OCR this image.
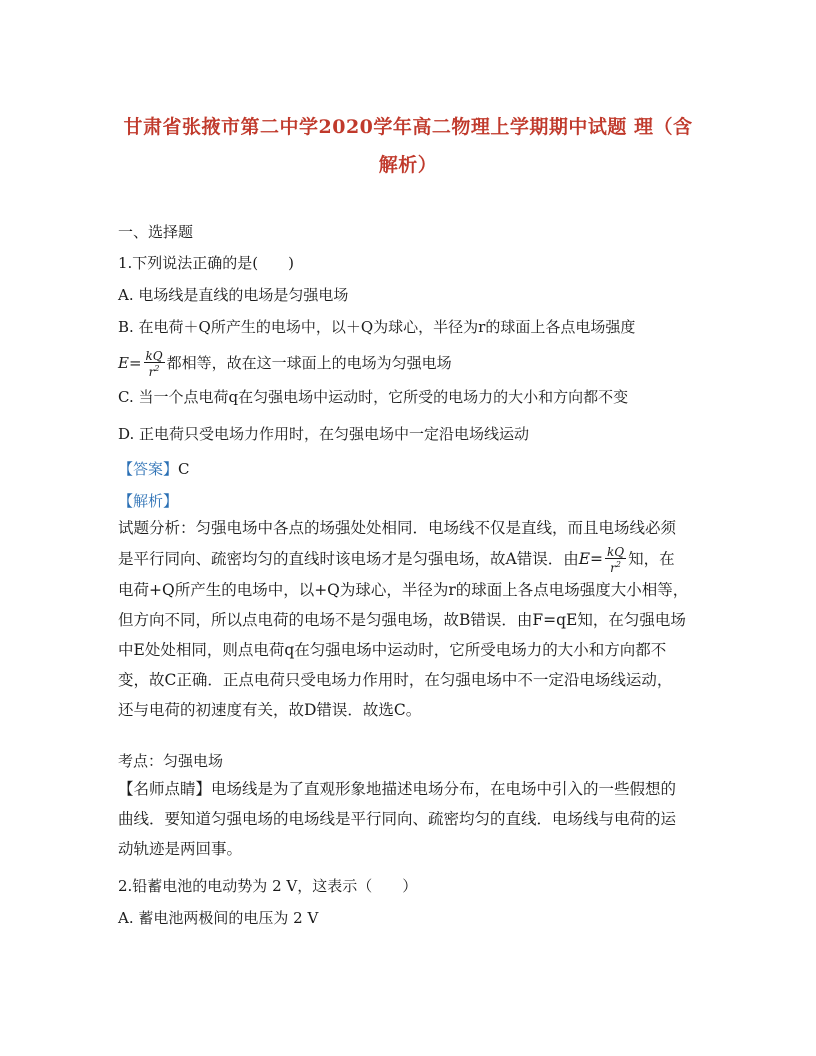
甘肃省张掖市第二中学2020学年高二物理上学期期中试题 理（含
解析）
一、选择题
1.下列说法正确的是(　　)
A. 电场线是直线的电场是匀强电场
B. 在电荷＋Q所产生的电场中，以＋Q为球心，半径为r的球面上各点电场强度
$E= \frac{kQ}{r^2}$ 都相等，故在这一球面上的电场为匀强电场
C. 当一个点电荷q在匀强电场中运动时，它所受的电场力的大小和方向都不变
D. 正电荷只受电场力作用时，在匀强电场中一定沿电场线运动
【答案】C
【解析】
试题分析：匀强电场中各点的场强处处相同．电场线不仅是直线，而且电场线必须
是平行同向、疏密均匀的直线时该电场才是匀强电场，故A错误．由$E= \frac{kQ}{r^2}$ 知，在
电荷+Q所产生的电场中，以+Q为球心，半径为r的球面上各点电场强度大小相等，
但方向不同，所以点电荷的电场不是匀强电场，故B错误．由F=qE知，在匀强电场
中E处处相同，则点电荷q在匀强电场中运动时，它所受电场力的大小和方向都不
变，故C正确．正点电荷只受电场力作用时，在匀强电场中不一定沿电场线运动，
还与电荷的初速度有关，故D错误．故选C。
考点：匀强电场
【名师点睛】电场线是为了直观形象地描述电场分布，在电场中引入的一些假想的
曲线．要知道匀强电场的电场线是平行同向、疏密均匀的直线．电场线与电荷的运
动轨迹是两回事。
2.铅蓄电池的电动势为 2 V，这表示（　　）
A. 蓄电池两极间的电压为 2 V
